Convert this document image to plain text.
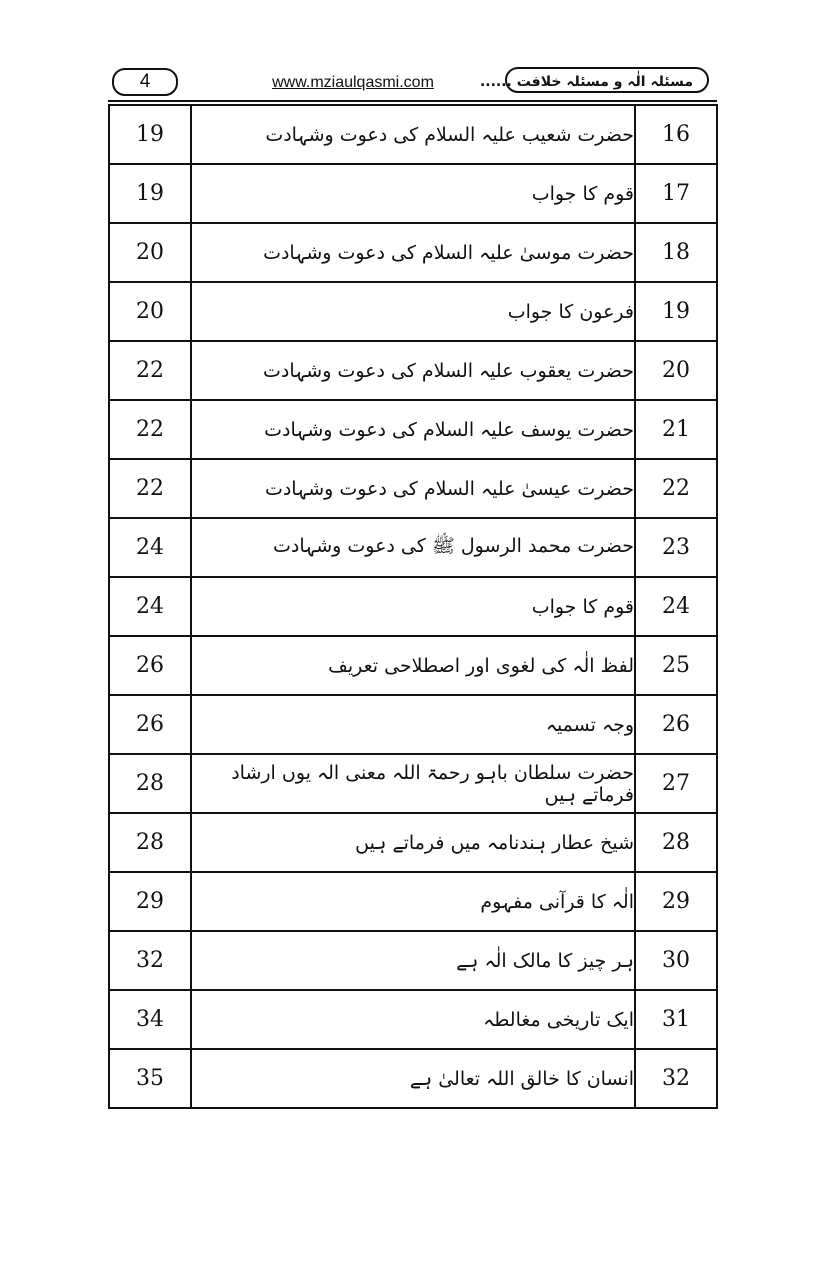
4	www.mziaulqasmi.com	مسئلہ الٰہ و مسئلہ خلافت ......
19	حضرت شعیب علیہ السلام کی دعوت وشہادت	16
19	قوم کا جواب	17
20	حضرت موسیٰ علیہ السلام کی دعوت وشہادت	18
20	فرعون کا جواب	19
22	حضرت یعقوب علیہ السلام کی دعوت وشہادت	20
22	حضرت یوسف علیہ السلام کی دعوت وشہادت	21
22	حضرت عیسیٰ علیہ السلام کی دعوت وشہادت	22
24	حضرت محمد الرسول ﷺ کی دعوت وشہادت	23
24	قوم کا جواب	24
26	لفظ الٰہ کی لغوی اور اصطلاحی تعریف	25
26	وجہ تسمیہ	26
28	حضرت سلطان باہو رحمۃ اللہ معنی الہ یوں ارشاد فرماتے ہیں	27
28	شیخ عطار ہندنامہ میں فرماتے ہیں	28
29	الٰہ کا قرآنی مفہوم	29
32	ہر چیز کا مالک الٰہ ہے	30
34	ایک تاریخی مغالطہ	31
35	انسان کا خالق اللہ تعالیٰ ہے	32
